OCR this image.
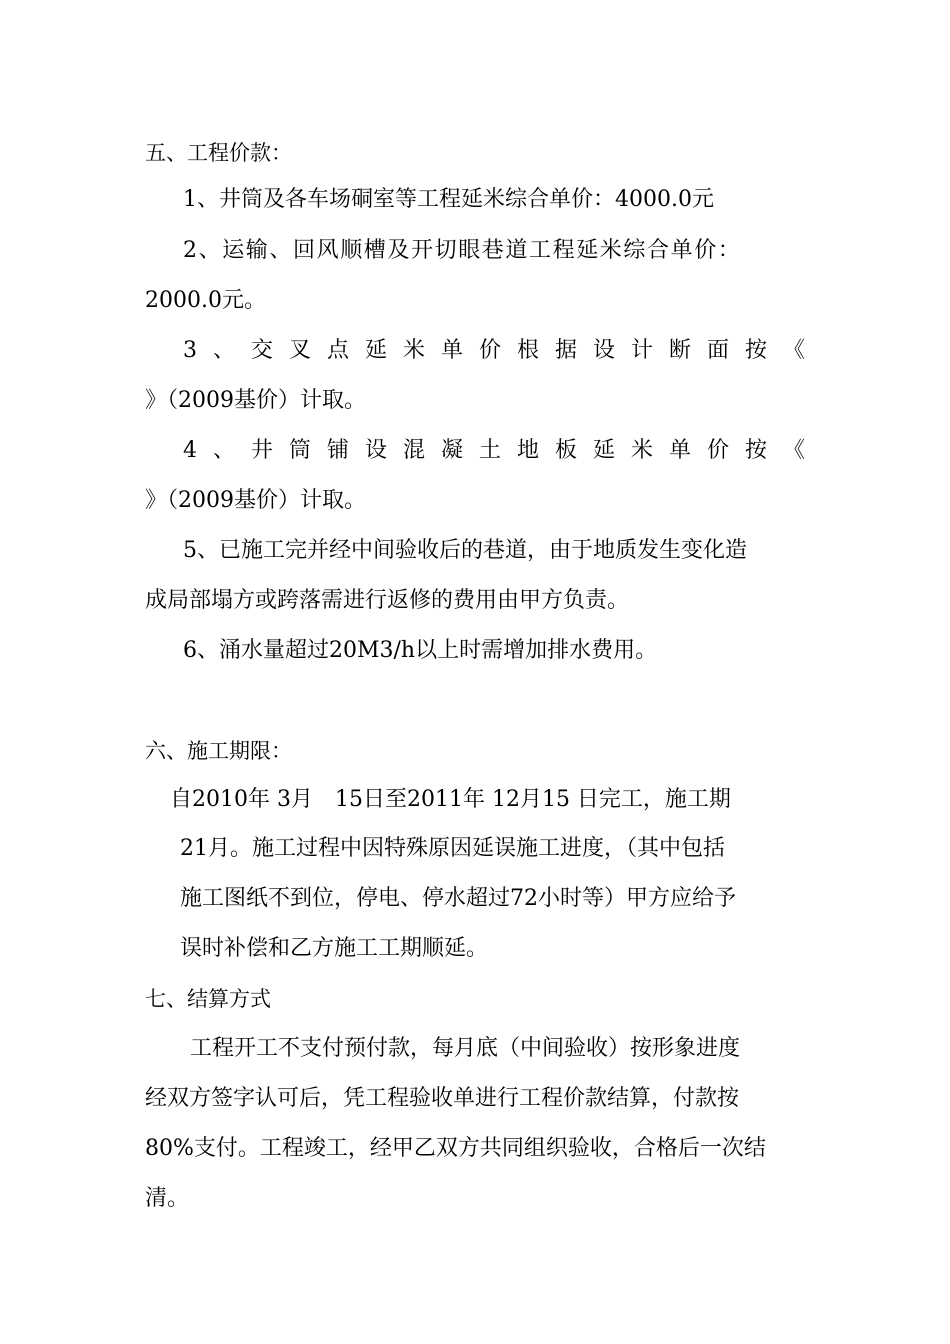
五、工程价款：
1、井筒及各车场硐室等工程延米综合单价：4000.0元
2、运输、回风顺槽及开切眼巷道工程延米综合单价：
2000.0元。
3 、 交 叉 点 延 米 单 价 根 据 设 计 断 面 按 《
》（2009基价）计取。
4 、 井 筒 铺 设 混 凝 土 地 板 延 米 单 价 按 《
》（2009基价）计取。
5、已施工完并经中间验收后的巷道，由于地质发生变化造
成局部塌方或跨落需进行返修的费用由甲方负责。
6、涌水量超过20M3/h以上时需增加排水费用。
六、施工期限：
自2010年 3月　15日至2011年 12月15 日完工，施工期
21月。施工过程中因特殊原因延误施工进度，（其中包括
施工图纸不到位，停电、停水超过72小时等）甲方应给予
误时补偿和乙方施工工期顺延。
七、结算方式
工程开工不支付预付款，每月底（中间验收）按形象进度
经双方签字认可后，凭工程验收单进行工程价款结算，付款按
80%支付。工程竣工，经甲乙双方共同组织验收，合格后一次结
清。
